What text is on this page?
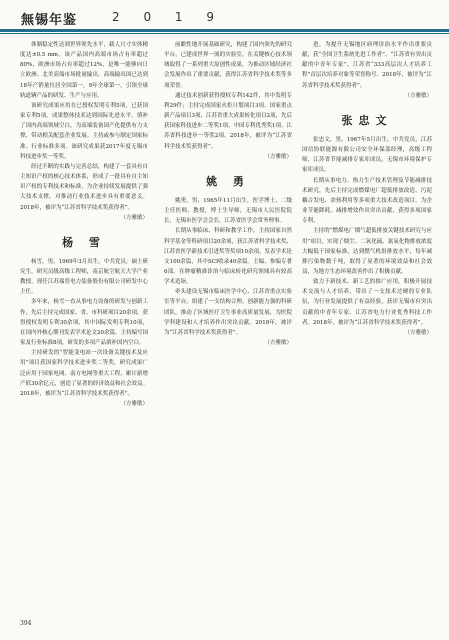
無锡年鉴	2 0 1 9

体制稳定性达到世界领先水平，载人尺寸实体精度达±0.5 mm。该产品国内高端市场占有率超过80%，欧洲市场占有率超过12%，是唯一能够向日立欧洲、北美高端市场批量输出，高端输出国已达到18年产销量位居全国第一，9年全球第一，引领全球轨道辆产品的研发、生产与应用。

该研究成果应用在已授权发明专利5项，已获国家专利5项。成果整体技术达到国际先进水平，填补了国内高端领域空白，为高端装备国产化提供有力支撑，带动相关配套企业发展。主持或参与制定国家标准、行业标准多项。该研究成果获2017年度无锡市科技进步奖一等奖。

经过不断的实践与完善总结，构建了一套具有自主知识产权的核心技术体系，形成了一批具有自主知识产权的专利技术和标准，为企业持续发展提供了强大技术支撑，对推动行业技术进步具有重要意义。2018年，被评为“江苏省科学技术奖获得者”。

（方雅敏）

杨 雪

杨雪，男，1969年3月出生，中共党员，硕士研究生，研究员级高级工程师，南京航空航天大学产业教授，现任江苏瑞普电力装备股份有限公司研发中心主任。

多年来，杨雪一直从事电力设备的研发与创新工作，先后主持完成国家、省、市科研项目20余项，获得授权发明专利30余项，其中国际发明专利10项，在国内外核心期刊发表学术论文20余篇。主持编写国家及行业标准8项，研发的多项产品填补国内空白。

主持研发的“智能变电站一次设备关键技术及应用”项目获国家科学技术进步奖二等奖，研究成果广泛应用于国家电网、南方电网等重大工程，累计新增产值30余亿元，创造了显著的经济效益和社会效益。2018年，被评为“江苏省科学技术奖获得者”。

（方雅敏）

前瞻性地开展基础研究，构建了国内领先的研究平台，已建成世界一流的实验室，在关键核心技术领域取得了一系列重大原创性成果，为推动区域经济社会发展作出了重要贡献，获得江苏省科学技术奖等多项荣誉。

通过技术创新获得授权专利142件，其中发明专利29件；主持完成国家火炬计划项目3项、国家重点新产品项目3项、江苏省重大成果转化项目2项，先后获国家科技进步二等奖1项、中国专利优秀奖1项、江苏省科技进步一等奖2项。2018年，被评为“江苏省科学技术奖获得者”。

（方雅敏）

姚 勇

姚勇，男，1965年11月出生，医学博士，二级主任医师，教授，博士生导师，无锡市人民医院院长，无锡市医学会会长，江苏省医学会常务理事。

长期从事临床、科研和教学工作，主持国家自然科学基金等科研项目20余项，获江苏省科学技术奖、江苏省医学新技术引进奖等奖项10余项，发表学术论文100余篇，其中SCI收录40余篇。主编、参编专著6部。在肿瘤精准诊治与临床转化研究领域具有较高学术造诣。

牵头建设无锡市临床医学中心、江苏省重点实验室等平台，组建了一支结构合理、创新能力强的科研团队，推动了区域医疗卫生事业高质量发展，为医院学科建设和人才培养作出突出贡献。2018年，被评为“江苏省科学技术奖获得者”。

（方雅敏）

进，为提升无锡地区病理诊治水平作出重要贡献，获“全国卫生系统先进工作者”、“江苏省有突出贡献的中青年专家”、江苏省“333高层次人才培养工程”首层次培养对象等荣誉称号。2018年，被评为“江苏省科学技术奖获得者”。

（方雅敏）

张忠文

张忠文，男，1967年5月出生，中共党员，江苏国信协联能源有限公司安全环保部经理，高级工程师，江苏省节能减排专家库成员，无锡市环境保护专家库成员。

长期从事电力、热力生产技术管理及节能减排技术研究，先后主持完成燃煤电厂超低排放改造、污泥耦合发电、余热利用等多项重大技术改造项目，为企业节能降耗、减排增效作出突出贡献，获得多项国家专利。

主持的“燃煤电厂烟气超低排放关键技术研究与应用”项目，实现了烟尘、二氧化硫、氮氧化物排放浓度大幅低于国家标准，达到燃气机组排放水平，每年减排污染物数千吨，取得了显著的环境效益和社会效益，为地方生态环境改善作出了积极贡献。

致力于新技术、新工艺的推广应用，积极开展技术交流与人才培养，带出了一支技术过硬的专业队伍，为行业发展提供了有益经验，获评无锡市有突出贡献的中青年专家、江苏省电力行业优秀科技工作者。2018年，被评为“江苏省科学技术奖获得者”。

（方雅敏）

394
